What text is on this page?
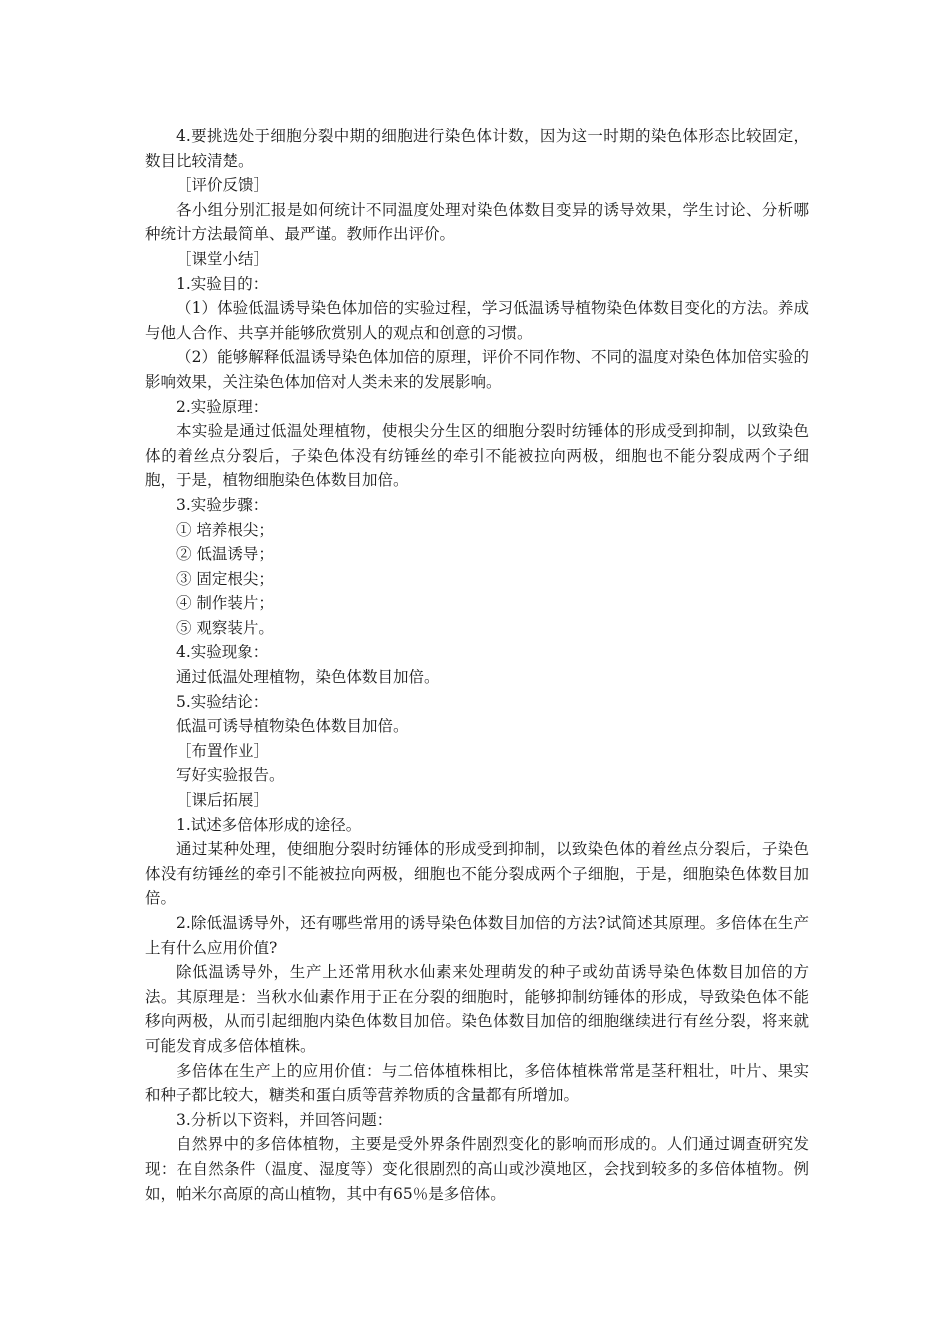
4.要挑选处于细胞分裂中期的细胞进行染色体计数，因为这一时期的染色体形态比较固定，数目比较清楚。

［评价反馈］

各小组分别汇报是如何统计不同温度处理对染色体数目变异的诱导效果，学生讨论、分析哪种统计方法最简单、最严谨。教师作出评价。

［课堂小结］

1.实验目的：

（1）体验低温诱导染色体加倍的实验过程，学习低温诱导植物染色体数目变化的方法。养成与他人合作、共享并能够欣赏别人的观点和创意的习惯。

（2）能够解释低温诱导染色体加倍的原理，评价不同作物、不同的温度对染色体加倍实验的影响效果，关注染色体加倍对人类未来的发展影响。

2.实验原理：

本实验是通过低温处理植物，使根尖分生区的细胞分裂时纺锤体的形成受到抑制，以致染色体的着丝点分裂后，子染色体没有纺锤丝的牵引不能被拉向两极，细胞也不能分裂成两个子细胞，于是，植物细胞染色体数目加倍。

3.实验步骤：

① 培养根尖；

② 低温诱导；

③ 固定根尖；

④ 制作装片；

⑤ 观察装片。

4.实验现象：

通过低温处理植物，染色体数目加倍。

5.实验结论：

低温可诱导植物染色体数目加倍。

［布置作业］

写好实验报告。

［课后拓展］

1.试述多倍体形成的途径。

通过某种处理，使细胞分裂时纺锤体的形成受到抑制，以致染色体的着丝点分裂后，子染色体没有纺锤丝的牵引不能被拉向两极，细胞也不能分裂成两个子细胞，于是，细胞染色体数目加倍。

2.除低温诱导外，还有哪些常用的诱导染色体数目加倍的方法?试简述其原理。多倍体在生产上有什么应用价值?

除低温诱导外，生产上还常用秋水仙素来处理萌发的种子或幼苗诱导染色体数目加倍的方法。其原理是：当秋水仙素作用于正在分裂的细胞时，能够抑制纺锤体的形成，导致染色体不能移向两极，从而引起细胞内染色体数目加倍。染色体数目加倍的细胞继续进行有丝分裂，将来就可能发育成多倍体植株。

多倍体在生产上的应用价值：与二倍体植株相比，多倍体植株常常是茎秆粗壮，叶片、果实和种子都比较大，糖类和蛋白质等营养物质的含量都有所增加。

3.分析以下资料，并回答问题：

自然界中的多倍体植物，主要是受外界条件剧烈变化的影响而形成的。人们通过调查研究发现：在自然条件（温度、湿度等）变化很剧烈的高山或沙漠地区，会找到较多的多倍体植物。例如，帕米尔高原的高山植物，其中有65％是多倍体。
